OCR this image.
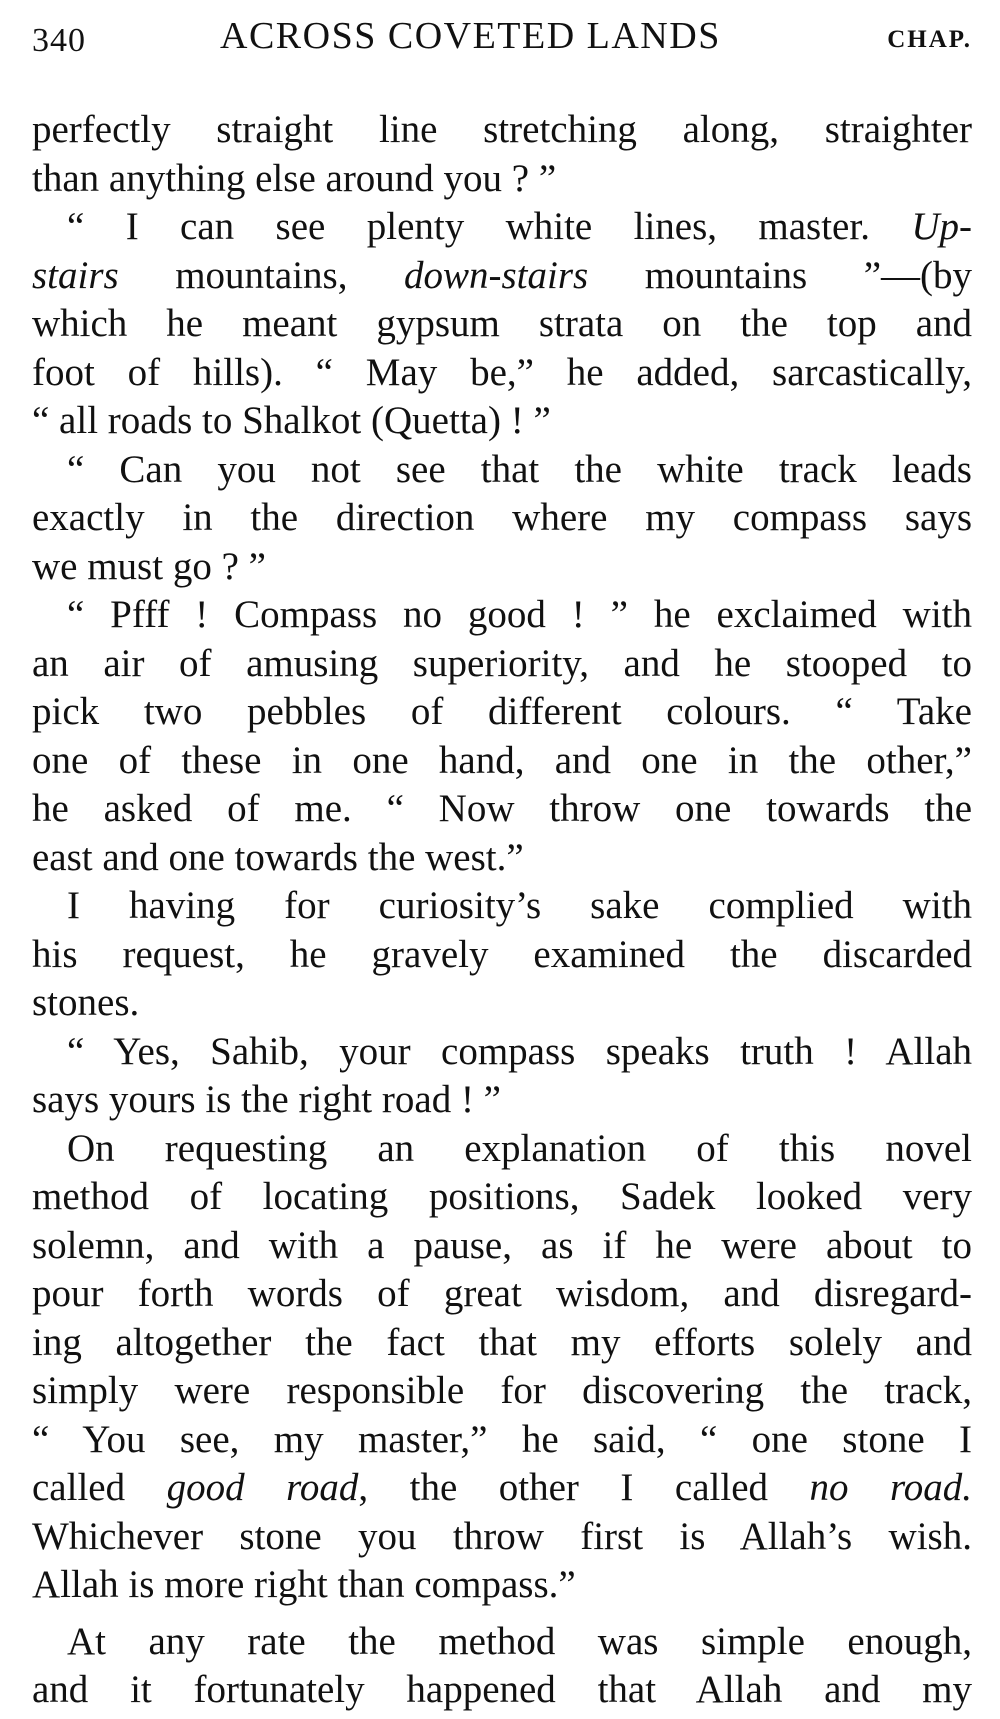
340	ACROSS COVETED LANDS	CHAP.
perfectly straight line stretching along, straighter
than anything else around you ? ”
“ I can see plenty white lines, master. Up-
stairs mountains, down-stairs mountains ”—(by
which he meant gypsum strata on the top and
foot of hills). “ May be,” he added, sarcastically,
“ all roads to Shalkot (Quetta) ! ”
“ Can you not see that the white track leads
exactly in the direction where my compass says
we must go ? ”
“ Pfff ! Compass no good ! ” he exclaimed with
an air of amusing superiority, and he stooped to
pick two pebbles of different colours. “ Take
one of these in one hand, and one in the other,”
he asked of me. “ Now throw one towards the
east and one towards the west.”
I having for curiosity’s sake complied with
his request, he gravely examined the discarded
stones.
“ Yes, Sahib, your compass speaks truth ! Allah
says yours is the right road ! ”
On requesting an explanation of this novel
method of locating positions, Sadek looked very
solemn, and with a pause, as if he were about to
pour forth words of great wisdom, and disregard-
ing altogether the fact that my efforts solely and
simply were responsible for discovering the track,
“ You see, my master,” he said, “ one stone I
called good road, the other I called no road.
Whichever stone you throw first is Allah’s wish.
Allah is more right than compass.”
At any rate the method was simple enough,
and it fortunately happened that Allah and my
